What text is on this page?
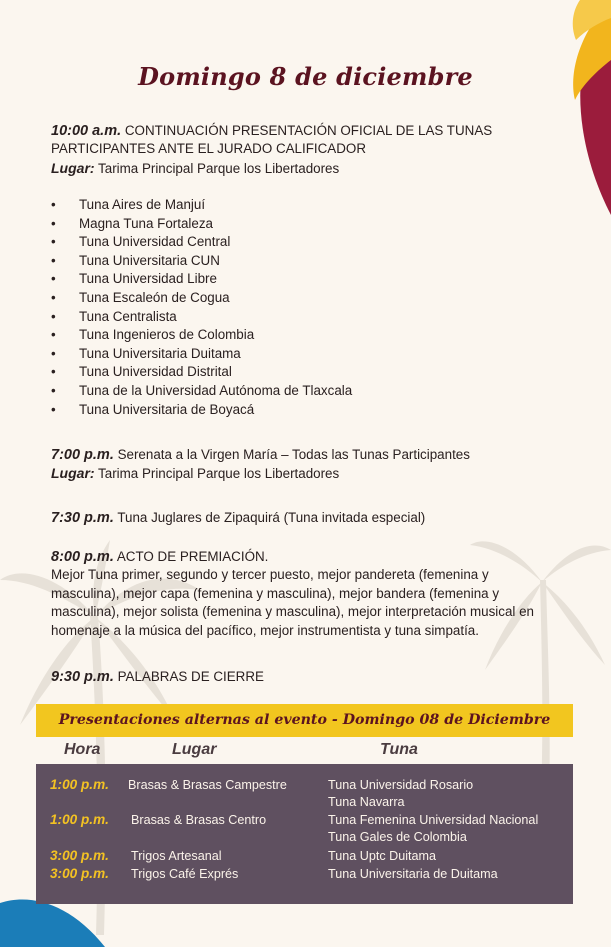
Domingo 8 de diciembre
10:00 a.m. CONTINUACIÓN PRESENTACIÓN OFICIAL DE LAS TUNAS PARTICIPANTES ANTE EL JURADO CALIFICADOR
Lugar: Tarima Principal Parque los Libertadores
• Tuna Aires de Manjuí
• Magna Tuna Fortaleza
• Tuna Universidad Central
• Tuna Universitaria CUN
• Tuna Universidad Libre
• Tuna Escaleón de Cogua
• Tuna Centralista
• Tuna Ingenieros de Colombia
• Tuna Universitaria Duitama
• Tuna Universidad Distrital
• Tuna de la Universidad Autónoma de Tlaxcala
• Tuna Universitaria de Boyacá
7:00 p.m. Serenata a la Virgen María – Todas las Tunas Participantes
Lugar: Tarima Principal Parque los Libertadores
7:30 p.m. Tuna Juglares de Zipaquirá (Tuna invitada especial)
8:00 p.m. ACTO DE PREMIACIÓN.
Mejor Tuna primer, segundo y tercer puesto, mejor pandereta (femenina y masculina), mejor capa (femenina y masculina), mejor bandera (femenina y masculina), mejor solista (femenina y masculina), mejor interpretación musical en homenaje a la música del pacífico, mejor instrumentista y tuna simpatía.
9:30 p.m. PALABRAS DE CIERRE
Presentaciones alternas al evento - Domingo 08 de Diciembre
Hora	Lugar	Tuna
1:00 p.m. Brasas & Brasas Campestre	Tuna Universidad Rosario
Tuna Navarra
1:00 p.m. Brasas & Brasas Centro	Tuna Femenina Universidad Nacional
Tuna Gales de Colombia
3:00 p.m. Trigos Artesanal	Tuna Uptc Duitama
3:00 p.m. Trigos Café Exprés	Tuna Universitaria de Duitama
